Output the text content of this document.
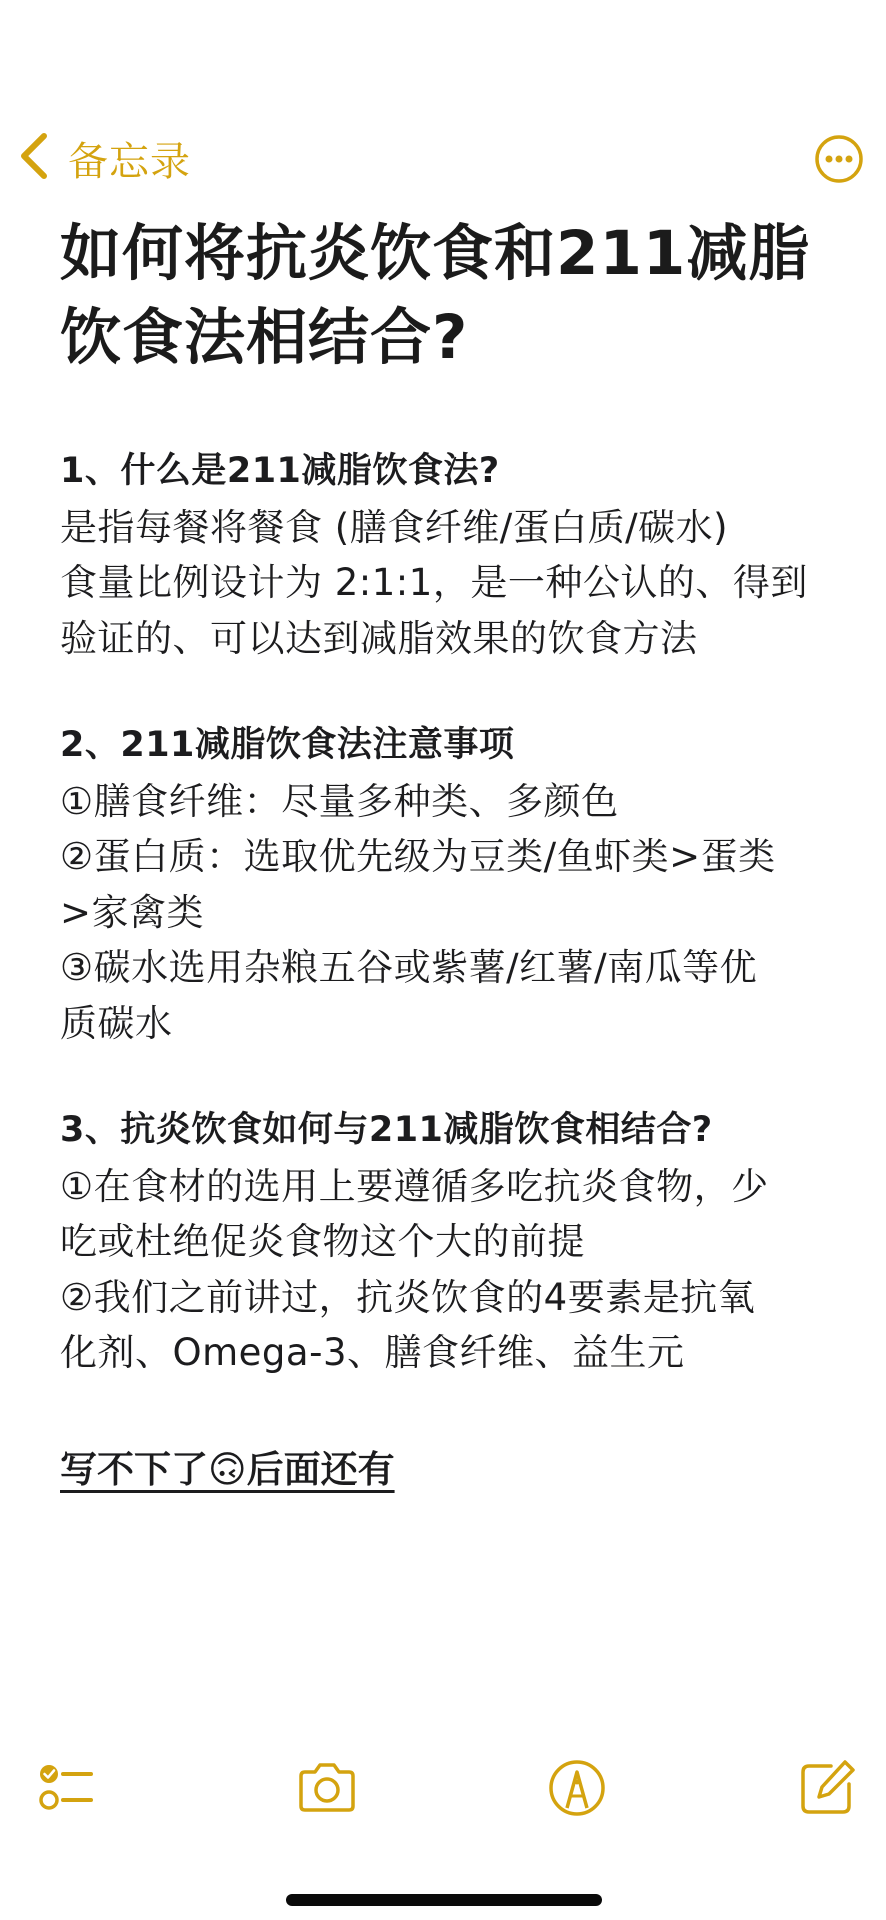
备忘录
如何将抗炎饮食和211减脂
饮食法相结合?
1、什么是211减脂饮食法?
是指每餐将餐食 (膳食纤维/蛋白质/碳水)
食量比例设计为 2:1:1，是一种公认的、得到
验证的、可以达到减脂效果的饮食方法
2、211减脂饮食法注意事项
①膳食纤维：尽量多种类、多颜色
②蛋白质：选取优先级为豆类/鱼虾类>蛋类
>家禽类
③碳水选用杂粮五谷或紫薯/红薯/南瓜等优
质碳水
3、抗炎饮食如何与211减脂饮食相结合?
①在食材的选用上要遵循多吃抗炎食物，少
吃或杜绝促炎食物这个大的前提
②我们之前讲过，抗炎饮食的4要素是抗氧
化剂、Omega-3、膳食纤维、益生元
写不下了🙃后面还有
